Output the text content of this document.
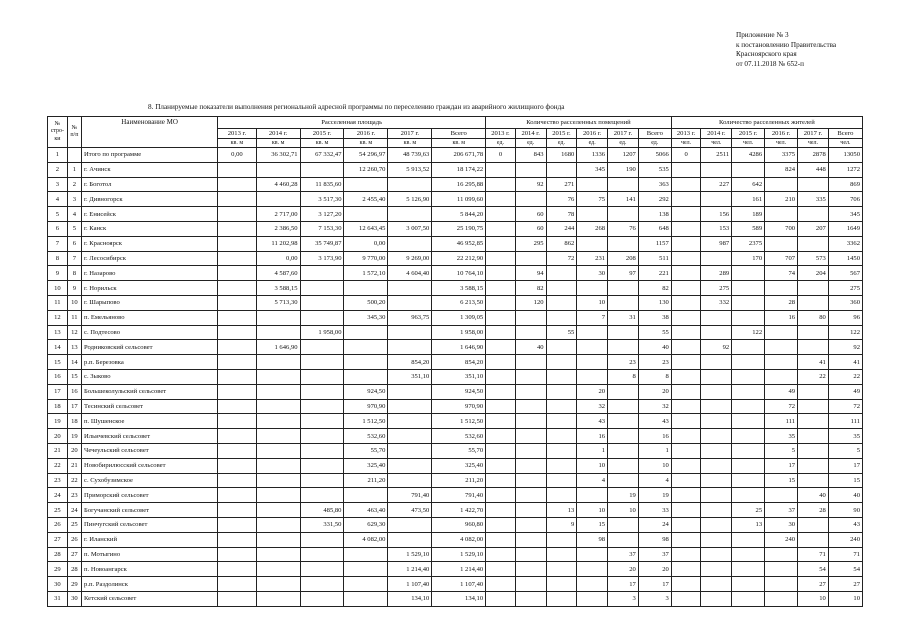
Приложение № 3
к постановлению Правительства
Красноярского края
от 07.11.2018 № 652-п
8. Планируемые показатели выполнения региональной адресной программы по переселению граждан из аварийного жилищного фонда
№ стро-ки	№ п/п	Наименование МО	Расселенная площадь						Количество расселенных помещений						Количество расселенных жителей					
			2013 г.	2014 г.	2015 г.	2016 г.	2017 г.	Всего	2013 г.	2014 г.	2015 г.	2016 г.	2017 г.	Всего	2013 г.	2014 г.	2015 г.	2016 г.	2017 г.	Всего
			кв. м	кв. м	кв. м	кв. м	кв. м	кв. м	ед.	ед.	ед.	ед.	ед.	ед.	чел.	чел.	чел.	чел.	чел.	чел.
1		Итого по программе	0,00	36 302,71	67 332,47	54 296,97	48 739,63	206 671,78	0	843	1680	1336	1207	5066	0	2511	4286	3375	2878	13050
2	1	г. Ачинск				12 260,70	5 913,52	18 174,22				345	190	535				824	448	1272
3	2	г. Боготол		4 460,28	11 835,60			16 295,88		92	271			363		227	642			869
4	3	г. Дивногорск			3 517,30	2 455,40	5 126,90	11 099,60			76	75	141	292			161	210	335	706
5	4	г. Енисейск		2 717,00	3 127,20			5 844,20		60	78			138		156	189			345
6	5	г. Канск		2 386,50	7 153,30	12 643,45	3 007,50	25 190,75		60	244	268	76	648		153	589	700	207	1649
7	6	г. Красноярск		11 202,98	35 749,87	0,00		46 952,85		295	862			1157		987	2375			3362
8	7	г. Лесосибирск		0,00	3 173,90	9 770,00	9 269,00	22 212,90			72	231	208	511			170	707	573	1450
9	8	г. Назарово		4 587,60		1 572,10	4 604,40	10 764,10		94		30	97	221		289		74	204	567
10	9	г. Норильск		3 588,15				3 588,15		82				82		275				275
11	10	г. Шарыпово		5 713,30		500,20		6 213,50		120		10		130		332		28		360
12	11	п. Емельяново				345,30	963,75	1 309,05				7	31	38				16	80	96
13	12	с. Подтесово			1 958,00			1 958,00			55			55			122			122
14	13	Родниковский сельсовет		1 646,90				1 646,90		40				40		92				92
15	14	р.п. Березовка					854,20	854,20					23	23					41	41
16	15	с. Зыково					351,10	351,10					8	8					22	22
17	16	Большеколульский сельсовет				924,50		924,50				20		20				49		49
18	17	Тесинский сельсовет				970,90		970,90				32		32				72		72
19	18	п. Шушенское				1 512,50		1 512,50				43		43				111		111
20	19	Ильичевский сельсовет				532,60		532,60				16		16				35		35
21	20	Чечеульский сельсовет				55,70		55,70				1		1				5		5
22	21	Новобирилюсский сельсовет				325,40		325,40				10		10				17		17
23	22	с. Сухобузимское				211,20		211,20				4		4				15		15
24	23	Приморский сельсовет					791,40	791,40					19	19					40	40
25	24	Богучанский сельсовет			485,80	463,40	473,50	1 422,70			13	10	10	33			25	37	28	90
26	25	Пинчугский сельсовет			331,50	629,30		960,80			9	15		24			13	30		43
27	26	г. Иланский				4 082,00		4 082,00				98		98				240		240
28	27	п. Мотыгино					1 529,10	1 529,10					37	37					71	71
29	28	п. Новоангарск					1 214,40	1 214,40					20	20					54	54
30	29	р.п. Раздолинск					1 107,40	1 107,40					17	17					27	27
31	30	Кетский сельсовет					134,10	134,10					3	3					10	10
